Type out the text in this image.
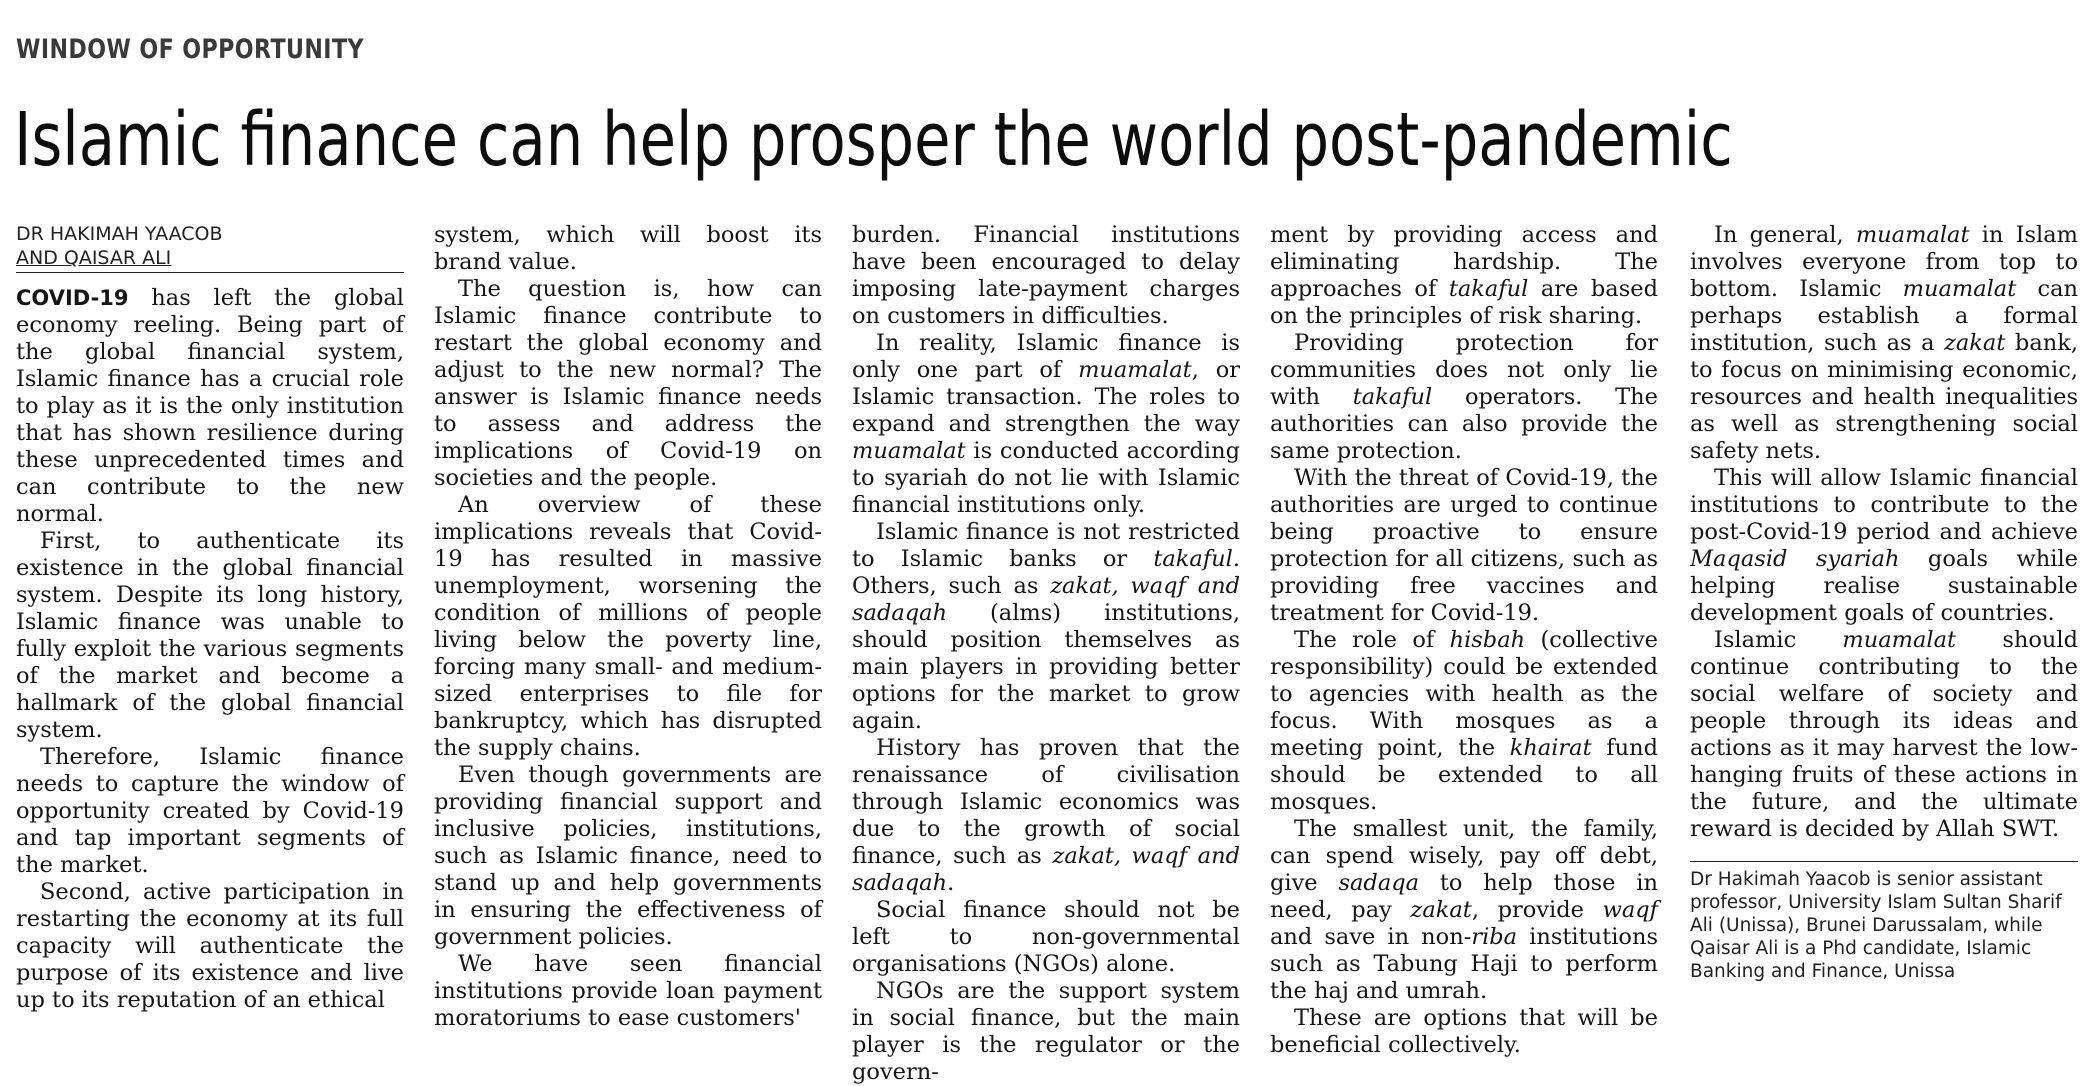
WINDOW OF OPPORTUNITY
Islamic finance can help prosper the world post-pandemic
DR HAKIMAH YAACOB
AND QAISAR ALI

COVID-19 has left the global economy reeling. Being part of the global financial system, Islamic finance has a crucial role to play as it is the only institution that has shown resilience during these unprecedented times and can contribute to the new normal.

First, to authenticate its existence in the global financial system. Despite its long history, Islamic finance was unable to fully exploit the various segments of the market and become a hallmark of the global financial system.

Therefore, Islamic finance needs to capture the window of opportunity created by Covid-19 and tap important segments of the market.

Second, active participation in restarting the economy at its full capacity will authenticate the purpose of its existence and live up to its reputation of an ethical

system, which will boost its brand value.

The question is, how can Islamic finance contribute to restart the global economy and adjust to the new normal? The answer is Islamic finance needs to assess and address the implications of Covid-19 on societies and the people.

An overview of these implications reveals that Covid-19 has resulted in massive unemployment, worsening the condition of millions of people living below the poverty line, forcing many small- and medium-sized enterprises to file for bankruptcy, which has disrupted the supply chains.

Even though governments are providing financial support and inclusive policies, institutions, such as Islamic finance, need to stand up and help governments in ensuring the effectiveness of government policies.

We have seen financial institutions provide loan payment moratoriums to ease customers'

burden. Financial institutions have been encouraged to delay imposing late-payment charges on customers in difficulties.

In reality, Islamic finance is only one part of muamalat, or Islamic transaction. The roles to expand and strengthen the way muamalat is conducted according to syariah do not lie with Islamic financial institutions only.

Islamic finance is not restricted to Islamic banks or takaful. Others, such as zakat, waqf and sadaqah (alms) institutions, should position themselves as main players in providing better options for the market to grow again.

History has proven that the renaissance of civilisation through Islamic economics was due to the growth of social finance, such as zakat, waqf and sadaqah.

Social finance should not be left to non-governmental organisations (NGOs) alone.

NGOs are the support system in social finance, but the main player is the regulator or the govern-

ment by providing access and eliminating hardship. The approaches of takaful are based on the principles of risk sharing.

Providing protection for communities does not only lie with takaful operators. The authorities can also provide the same protection.

With the threat of Covid-19, the authorities are urged to continue being proactive to ensure protection for all citizens, such as providing free vaccines and treatment for Covid-19.

The role of hisbah (collective responsibility) could be extended to agencies with health as the focus. With mosques as a meeting point, the khairat fund should be extended to all mosques.

The smallest unit, the family, can spend wisely, pay off debt, give sadaqa to help those in need, pay zakat, provide waqf and save in non-riba institutions such as Tabung Haji to perform the haj and umrah.

These are options that will be beneficial collectively.

In general, muamalat in Islam involves everyone from top to bottom. Islamic muamalat can perhaps establish a formal institution, such as a zakat bank, to focus on minimising economic, resources and health inequalities as well as strengthening social safety nets.

This will allow Islamic financial institutions to contribute to the post-Covid-19 period and achieve Maqasid syariah goals while helping realise sustainable development goals of countries.

Islamic muamalat should continue contributing to the social welfare of society and people through its ideas and actions as it may harvest the low-hanging fruits of these actions in the future, and the ultimate reward is decided by Allah SWT.

Dr Hakimah Yaacob is senior assistant professor, University Islam Sultan Sharif Ali (Unissa), Brunei Darussalam, while Qaisar Ali is a Phd candidate, Islamic Banking and Finance, Unissa
